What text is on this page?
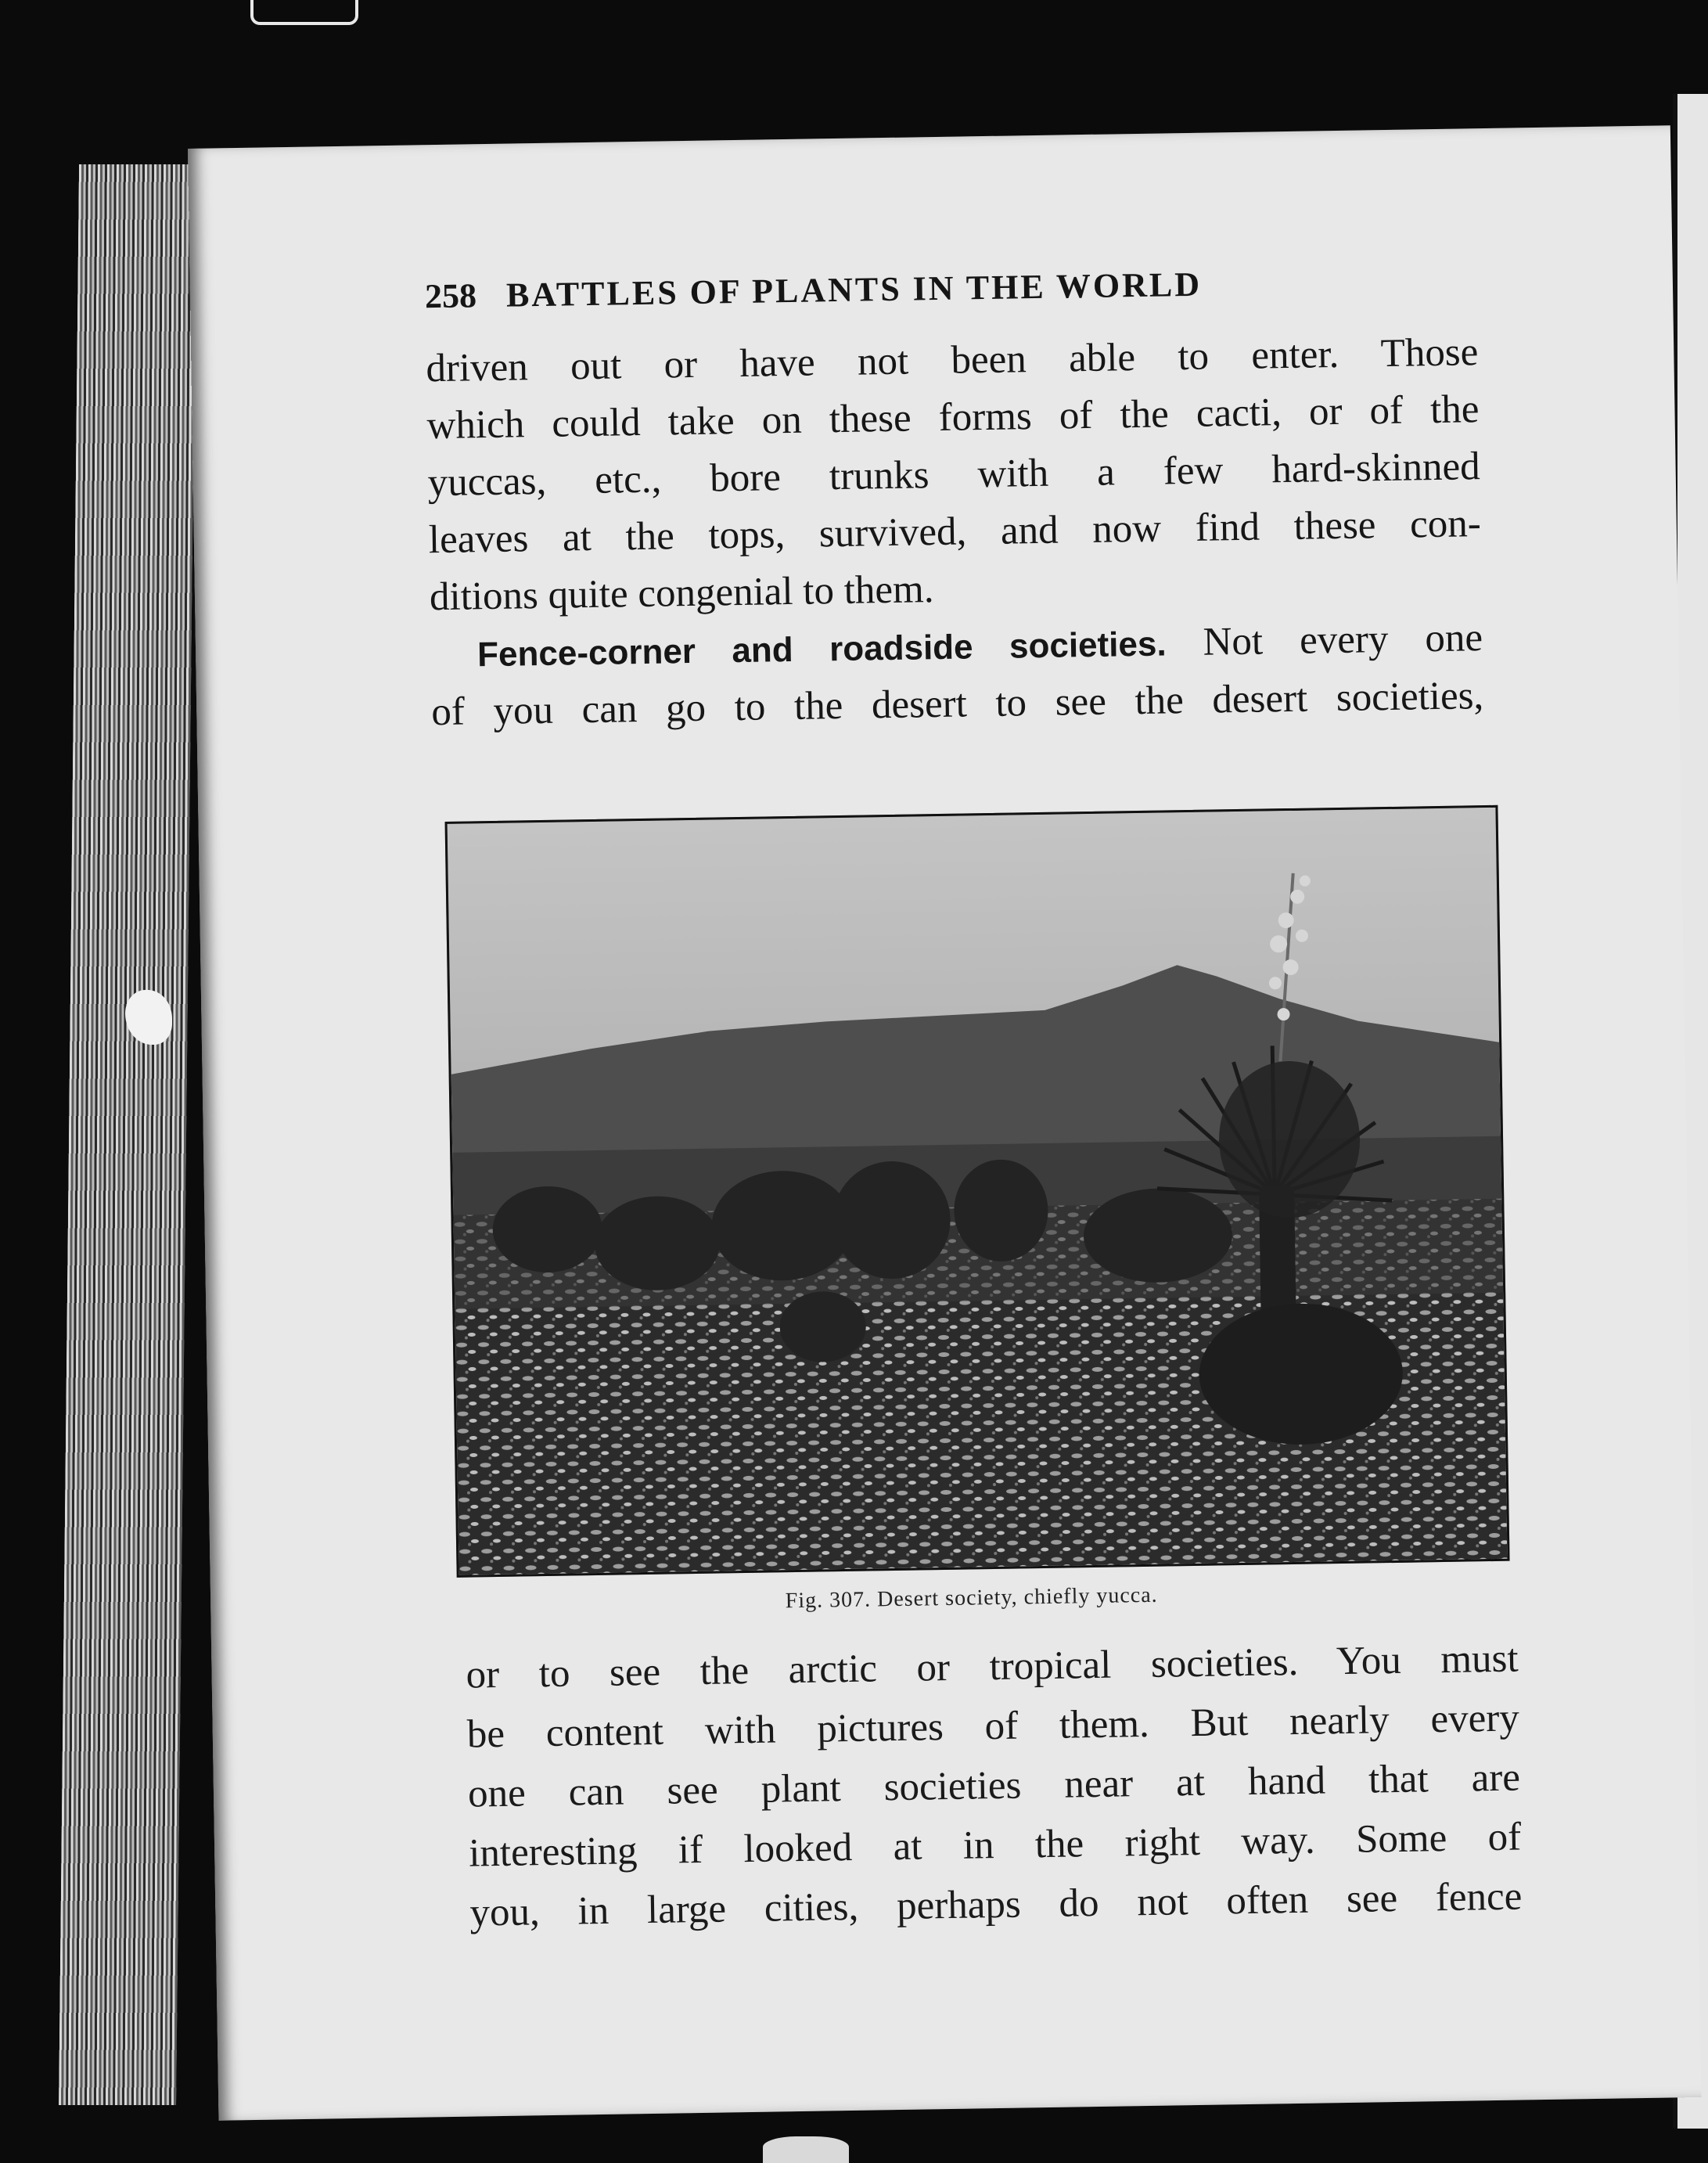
258 BATTLES OF PLANTS IN THE WORLD

driven out or have not been able to enter. Those
which could take on these forms of the cacti, or of the
yuccas, etc., bore trunks with a few hard-skinned
leaves at the tops, survived, and now find these con-
ditions quite congenial to them.

Fence-corner and roadside societies. Not every one
of you can go to the desert to see the desert societies,

Fig. 307. Desert society, chiefly yucca.
or to see the arctic or tropical societies. You must
be content with pictures of them. But nearly every
one can see plant societies near at hand that are
interesting if looked at in the right way. Some of
you, in large cities, perhaps do not often see fence
